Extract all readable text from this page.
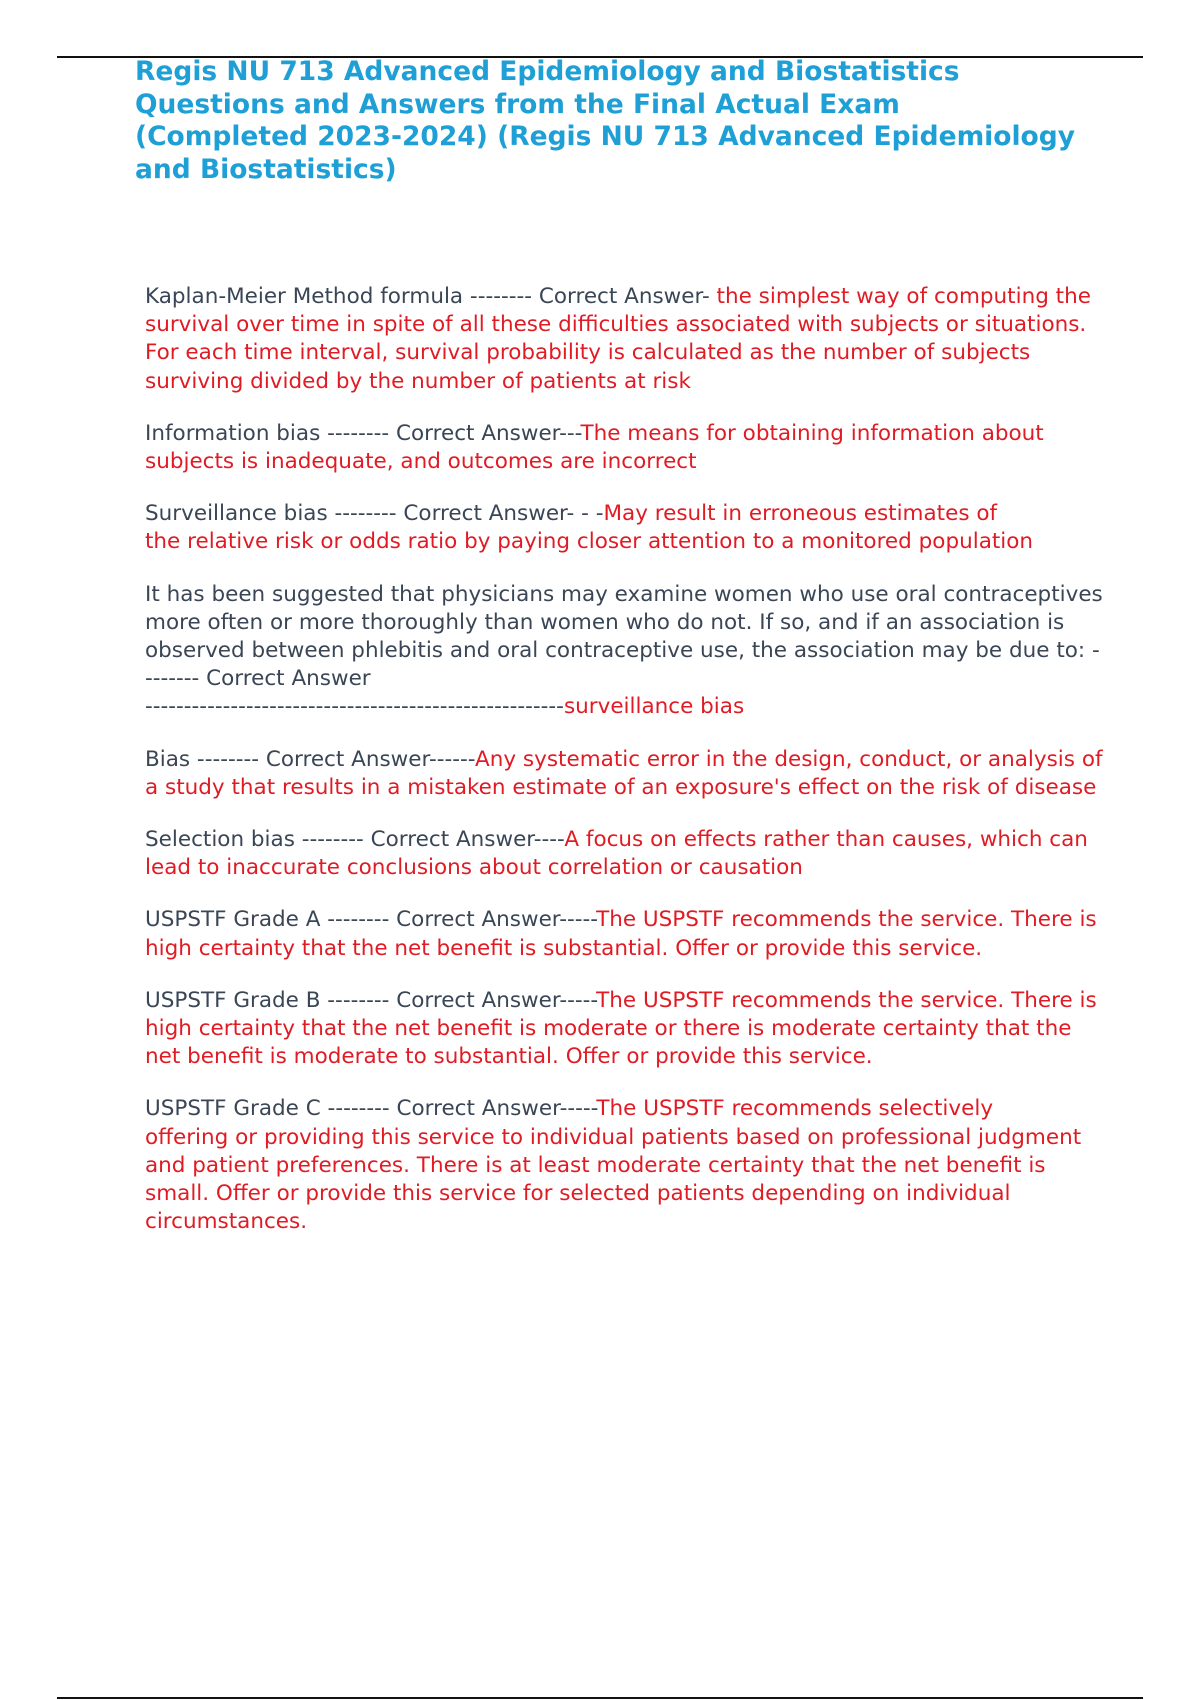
Regis NU 713 Advanced Epidemiology and Biostatistics Questions and Answers from the Final Actual Exam (Completed 2023-2024) (Regis NU 713 Advanced Epidemiology and Biostatistics)

Kaplan-Meier Method formula -------- Correct Answer- the simplest way of computing the survival over time in spite of all these difficulties associated with subjects or situations. For each time interval, survival probability is calculated as the number of subjects surviving divided by the number of patients at risk

Information bias -------- Correct Answer---The means for obtaining information about subjects is inadequate, and outcomes are incorrect

Surveillance bias -------- Correct Answer- - -May result in erroneous estimates of
the relative risk or odds ratio by paying closer attention to a monitored population

It has been suggested that physicians may examine women who use oral contraceptives more often or more thoroughly than women who do not. If so, and if an association is observed between phlebitis and oral contraceptive use, the association may be due to: -------- Correct Answer
------------------------------------------------------surveillance bias

Bias -------- Correct Answer------Any systematic error in the design, conduct, or analysis of a study that results in a mistaken estimate of an exposure's effect on the risk of disease

Selection bias -------- Correct Answer----A focus on effects rather than causes, which can lead to inaccurate conclusions about correlation or causation

USPSTF Grade A -------- Correct Answer-----The USPSTF recommends the service. There is high certainty that the net benefit is substantial. Offer or provide this service.

USPSTF Grade B -------- Correct Answer-----The USPSTF recommends the service. There is high certainty that the net benefit is moderate or there is moderate certainty that the net benefit is moderate to substantial. Offer or provide this service.

USPSTF Grade C -------- Correct Answer-----The USPSTF recommends selectively
offering or providing this service to individual patients based on professional judgment and patient preferences. There is at least moderate certainty that the net benefit is small. Offer or provide this service for selected patients depending on individual circumstances.
